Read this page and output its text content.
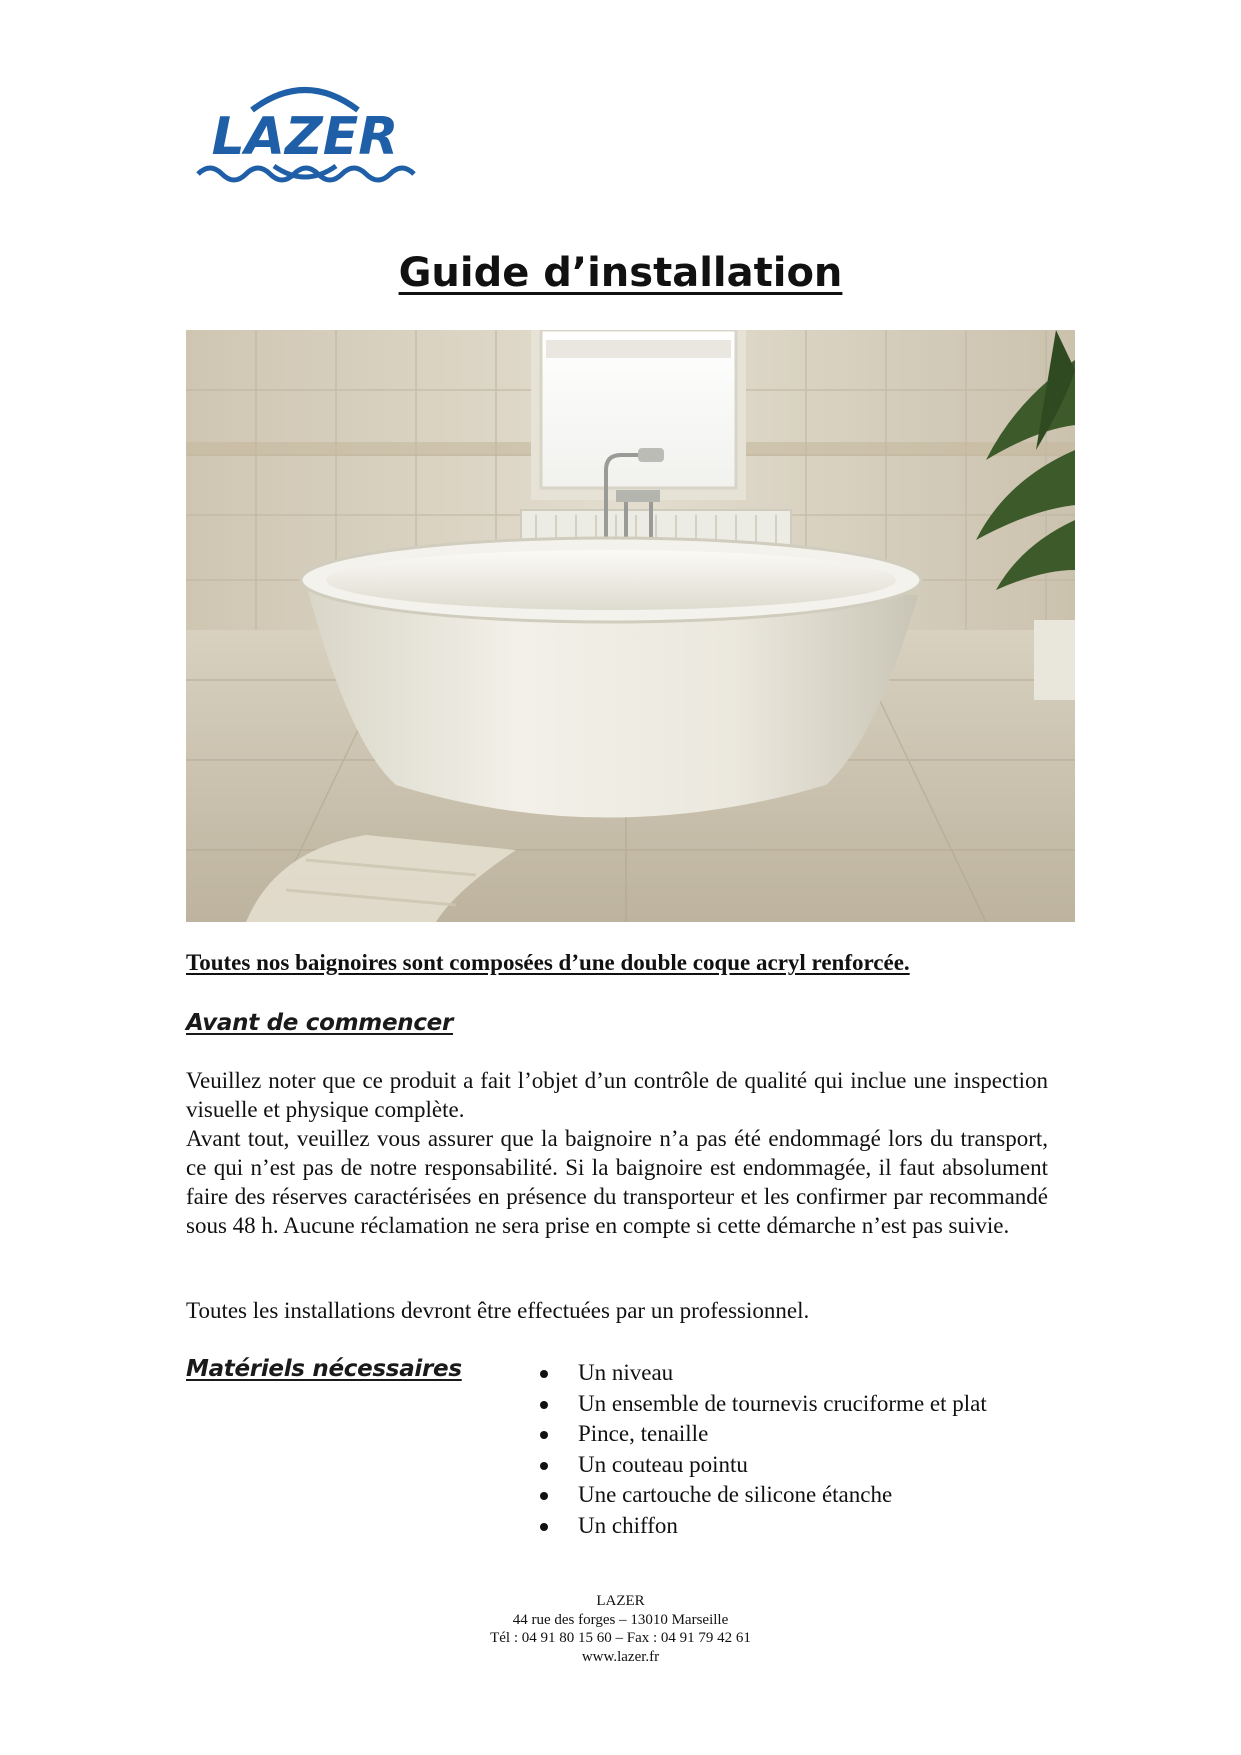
LAZER
Guide d’installation

Toutes nos baignoires sont composées d’une double coque acryl renforcée.

Avant de commencer

Veuillez noter que ce produit a fait l’objet d’un contrôle de qualité qui inclue une inspection visuelle et physique complète.

Avant tout, veuillez vous assurer que la baignoire n’a pas été endommagé lors du transport, ce qui n’est pas de notre responsabilité. Si la baignoire est endommagée, il faut absolument faire des réserves caractérisées en présence du transporteur et les confirmer par recommandé sous 48 h. Aucune réclamation ne sera prise en compte si cette démarche n’est pas suivie.

Toutes les installations devront être effectuées par un professionnel.

Matériels nécessaires	Un niveau
Un ensemble de tournevis cruciforme et plat
Pince, tenaille
Un couteau pointu
Une cartouche de silicone étanche
Un chiffon
LAZER
44 rue des forges – 13010 Marseille
Tél : 04 91 80 15 60 – Fax : 04 91 79 42 61
www.lazer.fr
